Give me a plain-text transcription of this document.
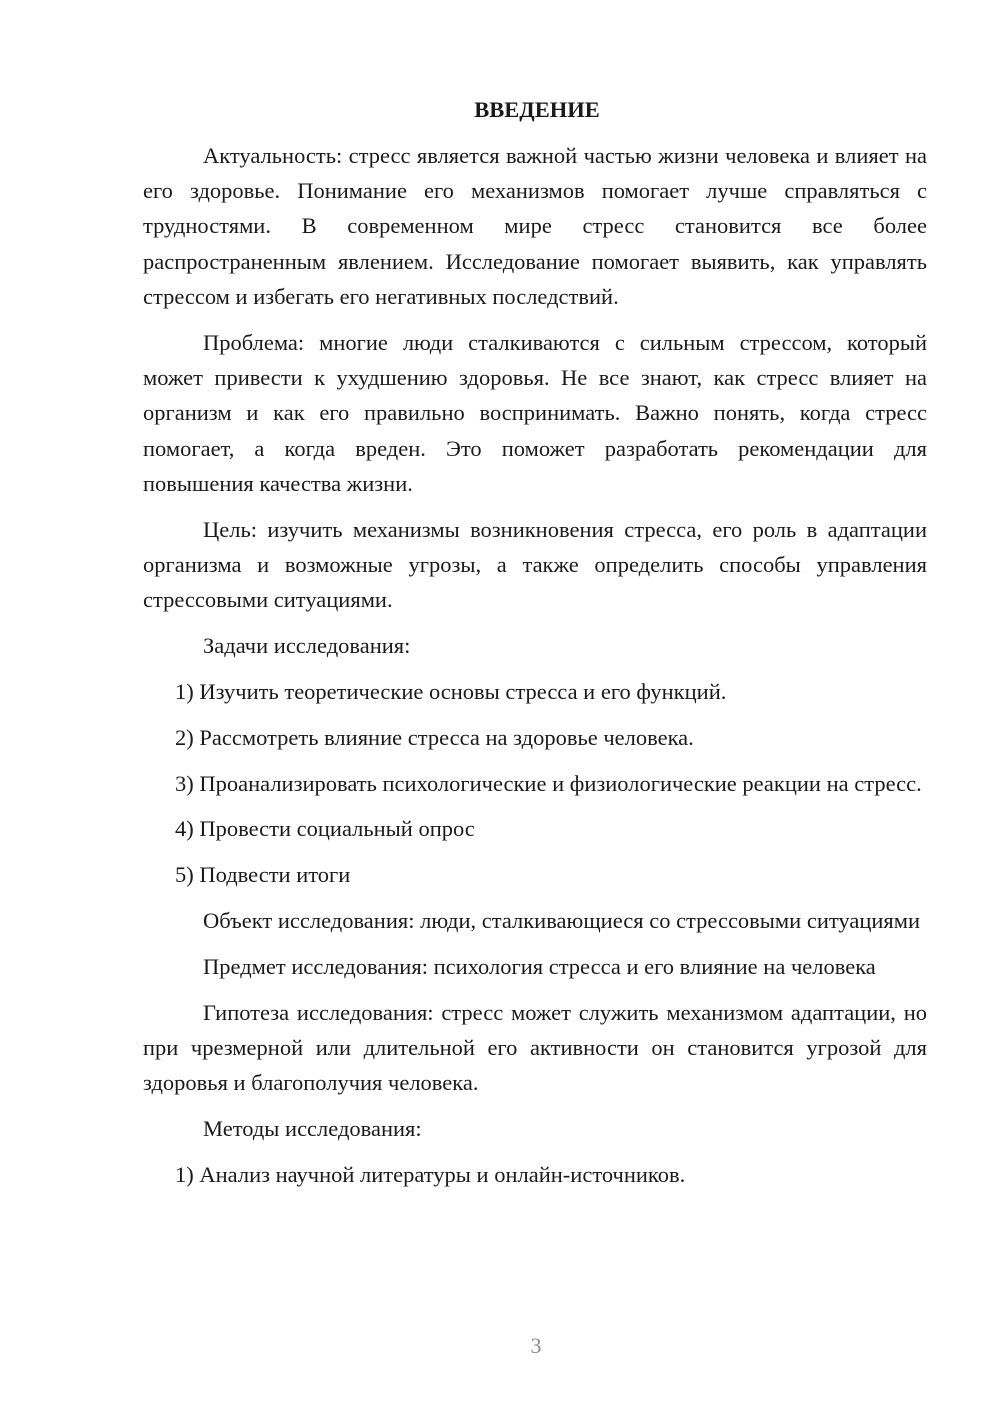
ВВЕДЕНИЕ

Актуальность: стресс является важной частью жизни человека и влияет на его здоровье. Понимание его механизмов помогает лучше справляться с трудностями. В современном мире стресс становится все более распространенным явлением. Исследование помогает выявить, как управлять стрессом и избегать его негативных последствий.

Проблема: многие люди сталкиваются с сильным стрессом, который может привести к ухудшению здоровья. Не все знают, как стресс влияет на организм и как его правильно воспринимать. Важно понять, когда стресс помогает, а когда вреден. Это поможет разработать рекомендации для повышения качества жизни.

Цель: изучить механизмы возникновения стресса, его роль в адаптации организма и возможные угрозы, а также определить способы управления стрессовыми ситуациями.

Задачи исследования:

1) Изучить теоретические основы стресса и его функций.

2) Рассмотреть влияние стресса на здоровье человека.

3) Проанализировать психологические и физиологические реакции на стресс.

4) Провести социальный опрос

5) Подвести итоги

Объект исследования: люди, сталкивающиеся со стрессовыми ситуациями

Предмет исследования: психология стресса и его влияние на человека

Гипотеза исследования: стресс может служить механизмом адаптации, но при чрезмерной или длительной его активности он становится угрозой для здоровья и благополучия человека.

Методы исследования:

1) Анализ научной литературы и онлайн-источников.

3
